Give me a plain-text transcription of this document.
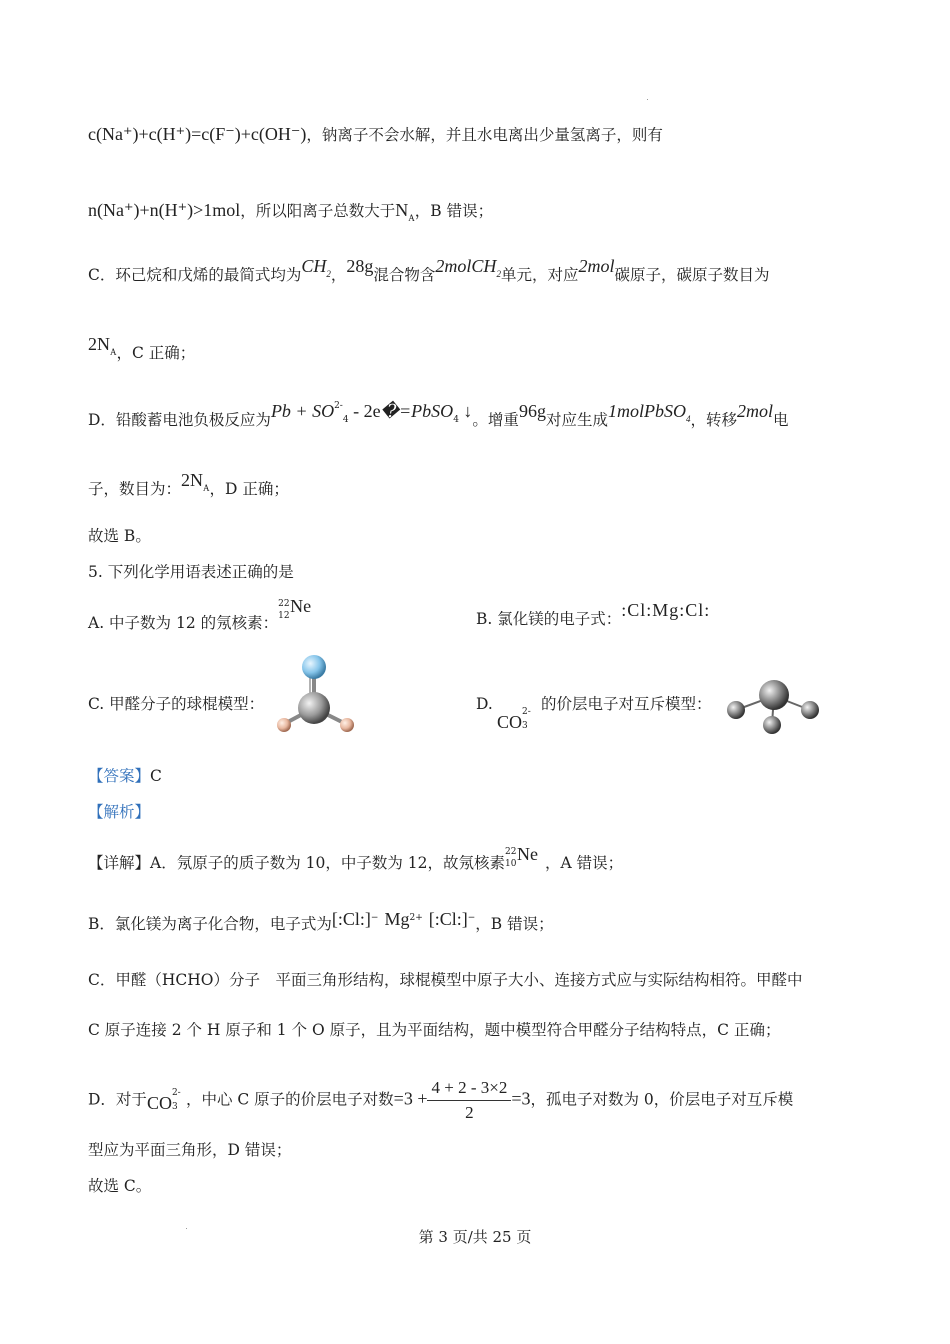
c(Na⁺)+c(H⁺)=c(F⁻)+c(OH⁻)，钠离子不会水解，并且水电离出少量氢离子，则有
n(Na⁺)+n(H⁺)>1mol，所以阳离子总数大于$N_A$，B 错误；
C．环己烷和戊烯的最简式均为$CH_2$，28g混合物含2molCH$_2$单元，对应2mol碳原子，碳原子数目为
$2N_A$，C 正确；
D．铅酸蓄电池负极反应为$Pb + SO^{2-}_4$ - 2e�=PbSO$_4$ ↓。增重96g对应生成1molPbSO$_4$，转移2mol电
子，数目为：$2N_A$，D 正确；
故选 B。
5. 下列化学用语表述正确的是
A. 中子数为 12 的氖核素：
22
12 Ne
B. 氯化镁的电子式：:Cl:Mg:Cl:
C. 甲醛分子的球棍模型：	D.
CO 2-
3
的价层电子对互斥模型：
【答案】C
【解析】
【详解】A．氖原子的质子数为 10，中子数为 12，故氖核素
22
10 Ne ，A 错误；
B．氯化镁为离子化合物，电子式为[:Cl:]− $Mg^{2+}$ [:Cl:]−，B 错误；
C．甲醛（HCHO）分子　平面三角形结构，球棍模型中原子大小、连接方式应与实际结构相符。甲醛中
C 原子连接 2 个 H 原子和 1 个 O 原子，且为平面结构，题中模型符合甲醛分子结构特点，C 正确；
D．对于CO 2-
3 ，中心 C 原子的价层电子对数$=3 + \frac{4 + 2 - 3\times 2}{2} =3$，孤电子对数为 0，价层电子对互斥模
型应为平面三角形，D 错误；
故选 C。
第 3 页/共 25 页
